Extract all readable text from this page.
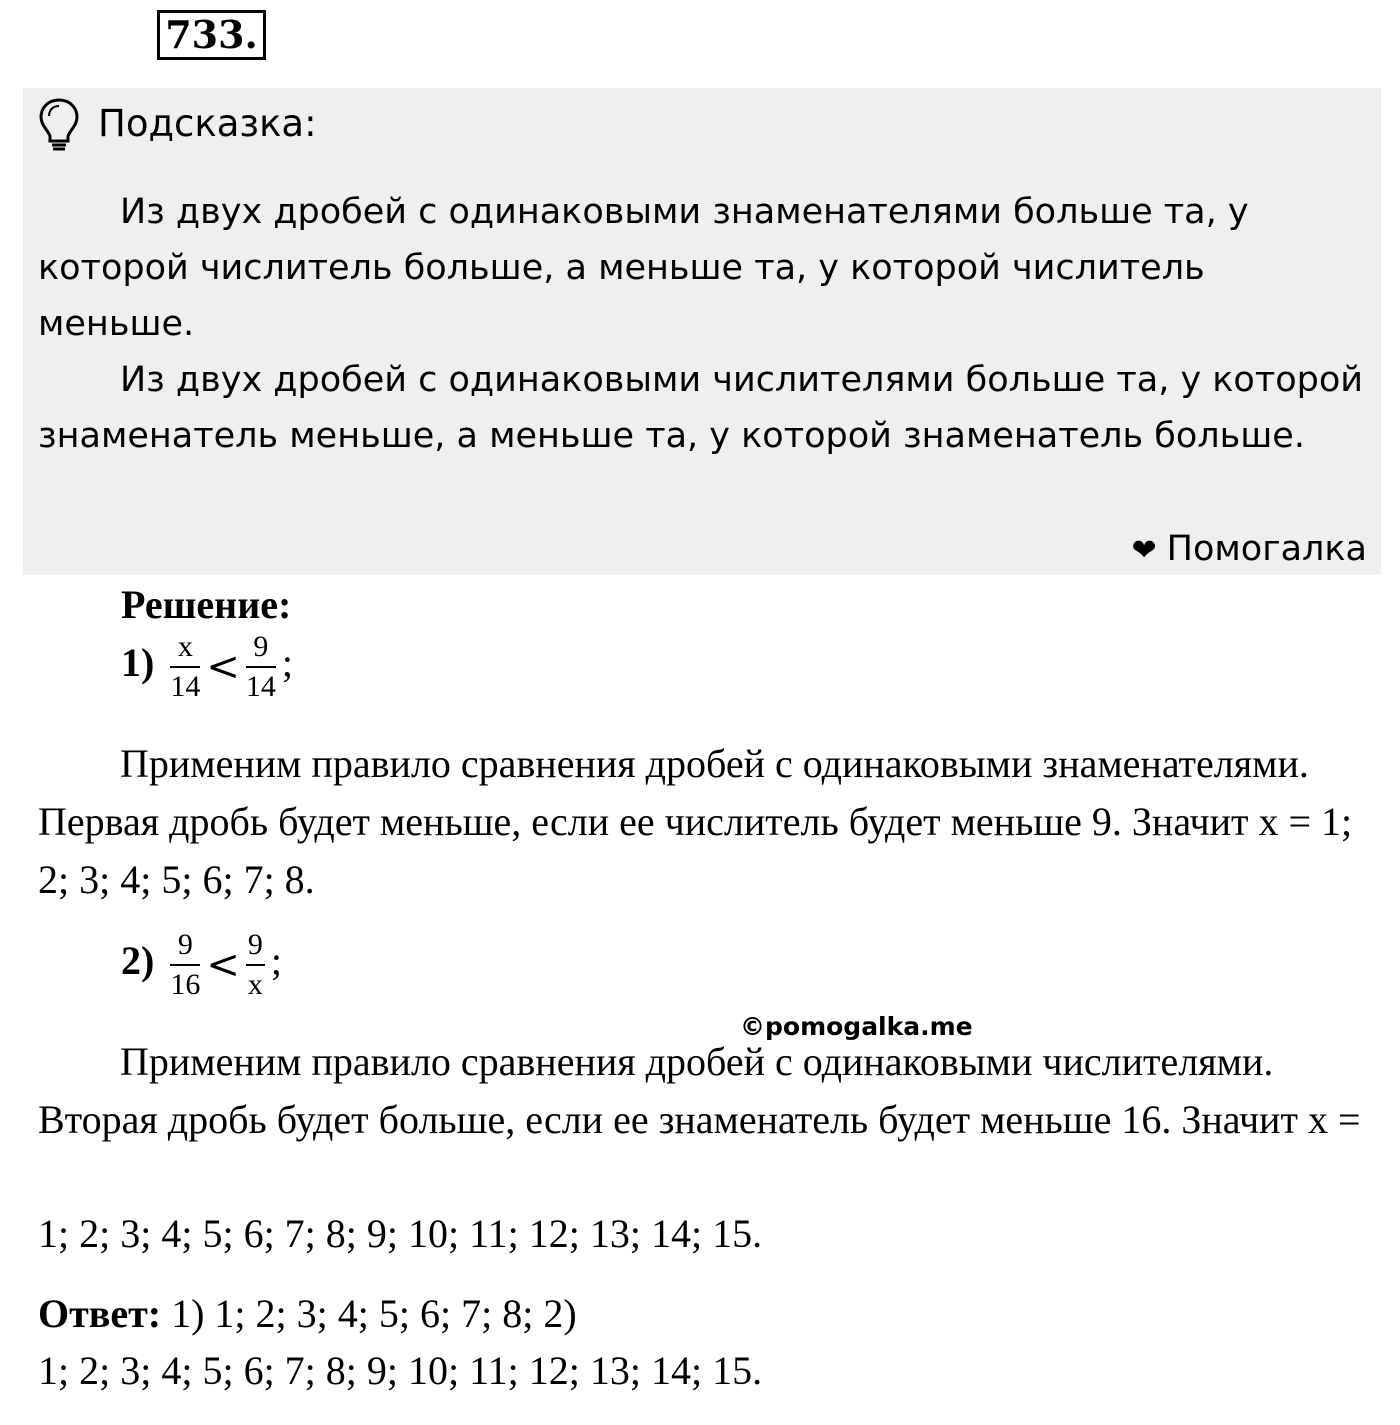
733.
Подсказка:

Из двух дробей с одинаковыми знаменателями больше та, у которой числитель больше, а меньше та, у которой числитель меньше.

Из двух дробей с одинаковыми числителями больше та, у которой знаменатель меньше, а меньше та, у которой знаменатель больше.

❤ Помогалка
Решение:
$1) \frac{x}{14} < \frac{9}{14}$ ;

Применим правило сравнения дробей с одинаковыми знаменателями. Первая дробь будет меньше, если ее числитель будет меньше 9. Значит x = 1; 2; 3; 4; 5; 6; 7; 8.

$2) \frac{9}{16} < \frac{9}{x}$ ;
©pomogalka.me

Применим правило сравнения дробей с одинаковыми числителями. Вторая дробь будет больше, если ее знаменатель будет меньше 16. Значит x =

1; 2; 3; 4; 5; 6; 7; 8; 9; 10; 11; 12; 13; 14; 15.
Ответ: 1) 1; 2; 3; 4; 5; 6; 7; 8; 2)
1; 2; 3; 4; 5; 6; 7; 8; 9; 10; 11; 12; 13; 14; 15.
